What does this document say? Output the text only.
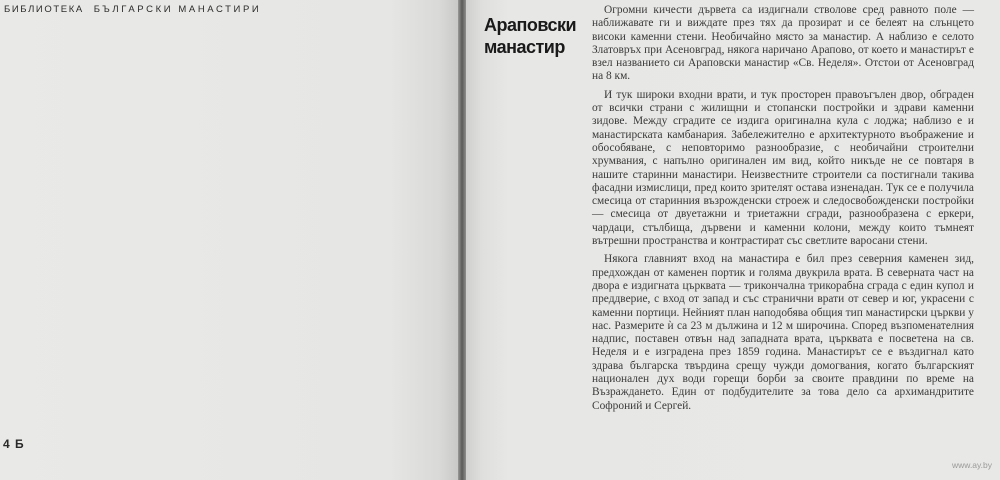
БИБЛИОТЕКА БЪЛГАРСКИ МАНАСТИРИ

4 Б

www.ay.by

Араповски
манастир

Огромни кичести дървета са издигнали стволове сред равното поле — наближавате ги и виждате през тях да прозират и се белеят на слънцето високи каменни стени. Необичайно място за манастир. А наблизо е селото Златовръх при Асеновград, някога наричано Арапово, от което и манастирът е взел названието си Араповски манастир «Св. Неделя». Отстои от Асеновград на 8 км.

И тук широки входни врати, и тук просторен правоъгълен двор, обграден от всички страни с жилищни и стопански постройки и здрави каменни зидове. Между сградите се издига оригинална кула с лоджа; наблизо е и манастирската камбанария. Забележително е архитектурното въображение и обособяване, с неповторимо разнообразие, с необичайни строителни хрумвания, с напълно оригинален им вид, който никъде не се повтаря в нашите старинни манастири. Неизвестните строители са постигнали такива фасадни измислици, пред които зрителят остава изненадан. Тук се е получила смесица от старинния възрожденски строеж и следосвобожденски постройки — смесица от двуетажни и триетажни сгради, разнообразена с еркери, чардаци, стълбища, дървени и каменни колони, между които тъмнеят вътрешни пространства и контрастират със светлите варосани стени.

Някога главният вход на манастира е бил през северния каменен зид, предхождан от каменен портик и голяма двукрила врата. В северната част на двора е издигната църквата — трикончална трикорабна сграда с един купол и преддверие, с вход от запад и със странични врати от север и юг, украсени с каменни портици. Нейният план наподобява общия тип манастирски църкви у нас. Размерите ѝ са 23 м дължина и 12 м широчина. Според възпоменателния надпис, поставен отвън над западната врата, църквата е посветена на св. Неделя и е изградена през 1859 година. Манастирът се е въздигнал като здрава българска твърдина срещу чужди домогвания, когато българският национален дух води горещи борби за своите правдини по време на Възраждането. Един от подбудителите за това дело са архимандритите Софроний и Сергей.
